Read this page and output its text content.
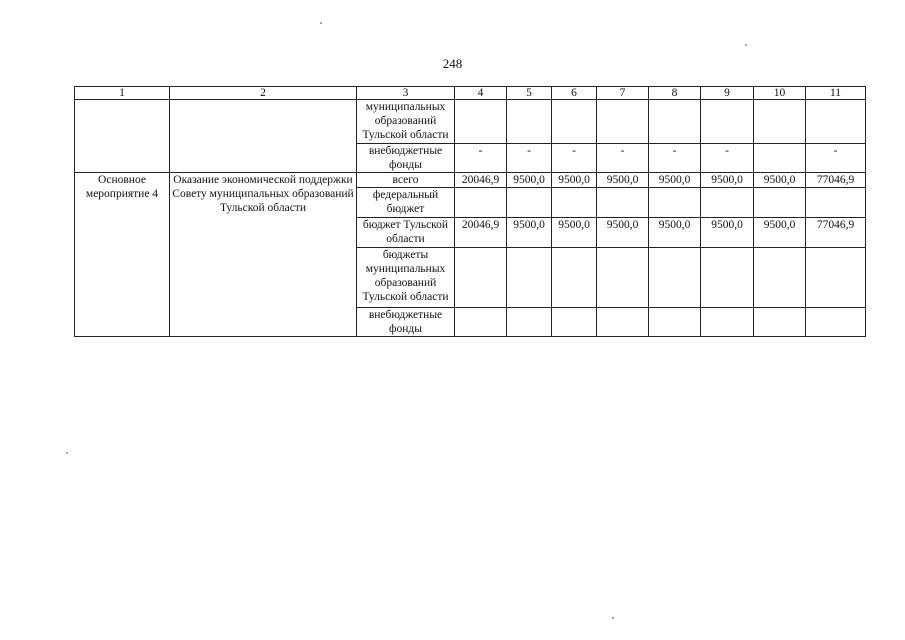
248
1	2	3	4	5	6	7	8	9	10	11
		муниципальных образований Тульской области								
		внебюджетные фонды	-	-	-	-	-	-		-
Основное мероприятие 4	Оказание экономической поддержки Совету муниципальных образований Тульской области	всего	20046,9	9500,0	9500,0	9500,0	9500,0	9500,0	9500,0	77046,9
		федеральный бюджет								
		бюджет Тульской области	20046,9	9500,0	9500,0	9500,0	9500,0	9500,0	9500,0	77046,9
		бюджеты муниципальных образований Тульской области								
		внебюджетные фонды								
